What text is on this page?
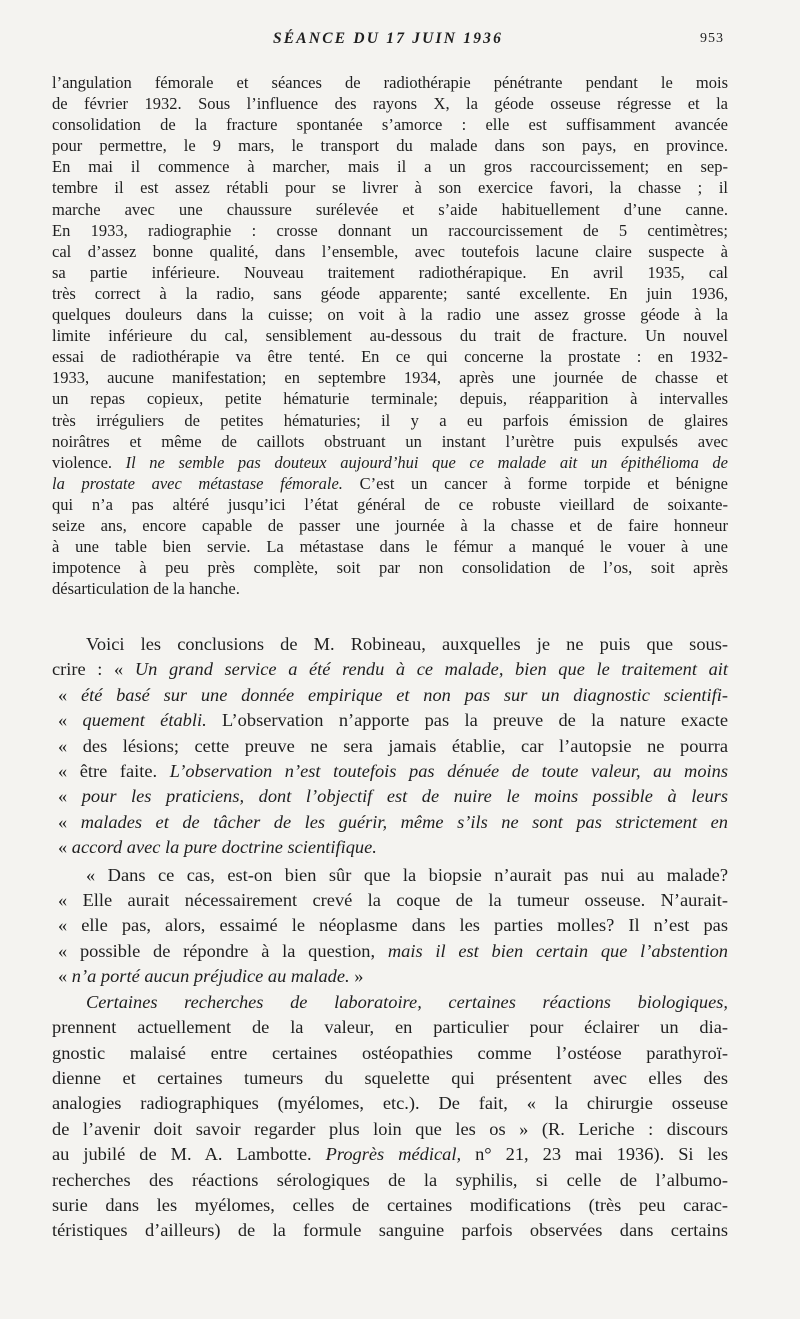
SÉANCE DU 17 JUIN 1936	953
l’angulation fémorale et séances de radiothérapie pénétrante pendant le mois
de février 1932. Sous l’influence des rayons X, la géode osseuse régresse et la
consolidation de la fracture spontanée s’amorce : elle est suffisamment avancée
pour permettre, le 9 mars, le transport du malade dans son pays, en province.
En mai il commence à marcher, mais il a un gros raccourcissement; en sep-
tembre il est assez rétabli pour se livrer à son exercice favori, la chasse ; il
marche avec une chaussure surélevée et s’aide habituellement d’une canne.
En 1933, radiographie : crosse donnant un raccourcissement de 5 centimètres;
cal d’assez bonne qualité, dans l’ensemble, avec toutefois lacune claire suspecte à
sa partie inférieure. Nouveau traitement radiothérapique. En avril 1935, cal
très correct à la radio, sans géode apparente; santé excellente. En juin 1936,
quelques douleurs dans la cuisse; on voit à la radio une assez grosse géode à la
limite inférieure du cal, sensiblement au-dessous du trait de fracture. Un nouvel
essai de radiothérapie va être tenté. En ce qui concerne la prostate : en 1932-
1933, aucune manifestation; en septembre 1934, après une journée de chasse et
un repas copieux, petite hématurie terminale; depuis, réapparition à intervalles
très irréguliers de petites hématuries; il y a eu parfois émission de glaires
noirâtres et même de caillots obstruant un instant l’urètre puis expulsés avec
violence. Il ne semble pas douteux aujourd’hui que ce malade ait un épithélioma de
la prostate avec métastase fémorale. C’est un cancer à forme torpide et bénigne
qui n’a pas altéré jusqu’ici l’état général de ce robuste vieillard de soixante-
seize ans, encore capable de passer une journée à la chasse et de faire honneur
à une table bien servie. La métastase dans le fémur a manqué le vouer à une
impotence à peu près complète, soit par non consolidation de l’os, soit après
désarticulation de la hanche.
Voici les conclusions de M. Robineau, auxquelles je ne puis que sous-
crire : « Un grand service a été rendu à ce malade, bien que le traitement ait
« été basé sur une donnée empirique et non pas sur un diagnostic scientifi-
« quement établi. L’observation n’apporte pas la preuve de la nature exacte
« des lésions; cette preuve ne sera jamais établie, car l’autopsie ne pourra
« être faite. L’observation n’est toutefois pas dénuée de toute valeur, au moins
« pour les praticiens, dont l’objectif est de nuire le moins possible à leurs
« malades et de tâcher de les guérir, même s’ils ne sont pas strictement en
« accord avec la pure doctrine scientifique.
« Dans ce cas, est-on bien sûr que la biopsie n’aurait pas nui au malade?
« Elle aurait nécessairement crevé la coque de la tumeur osseuse. N’aurait-
« elle pas, alors, essaimé le néoplasme dans les parties molles? Il n’est pas
« possible de répondre à la question, mais il est bien certain que l’abstention
« n’a porté aucun préjudice au malade. »
Certaines recherches de laboratoire, certaines réactions biologiques,
prennent actuellement de la valeur, en particulier pour éclairer un dia-
gnostic malaisé entre certaines ostéopathies comme l’ostéose parathyroï-
dienne et certaines tumeurs du squelette qui présentent avec elles des
analogies radiographiques (myélomes, etc.). De fait, « la chirurgie osseuse
de l’avenir doit savoir regarder plus loin que les os » (R. Leriche : discours
au jubilé de M. A. Lambotte. Progrès médical, n° 21, 23 mai 1936). Si les
recherches des réactions sérologiques de la syphilis, si celle de l’albumo-
surie dans les myélomes, celles de certaines modifications (très peu carac-
téristiques d’ailleurs) de la formule sanguine parfois observées dans certains
